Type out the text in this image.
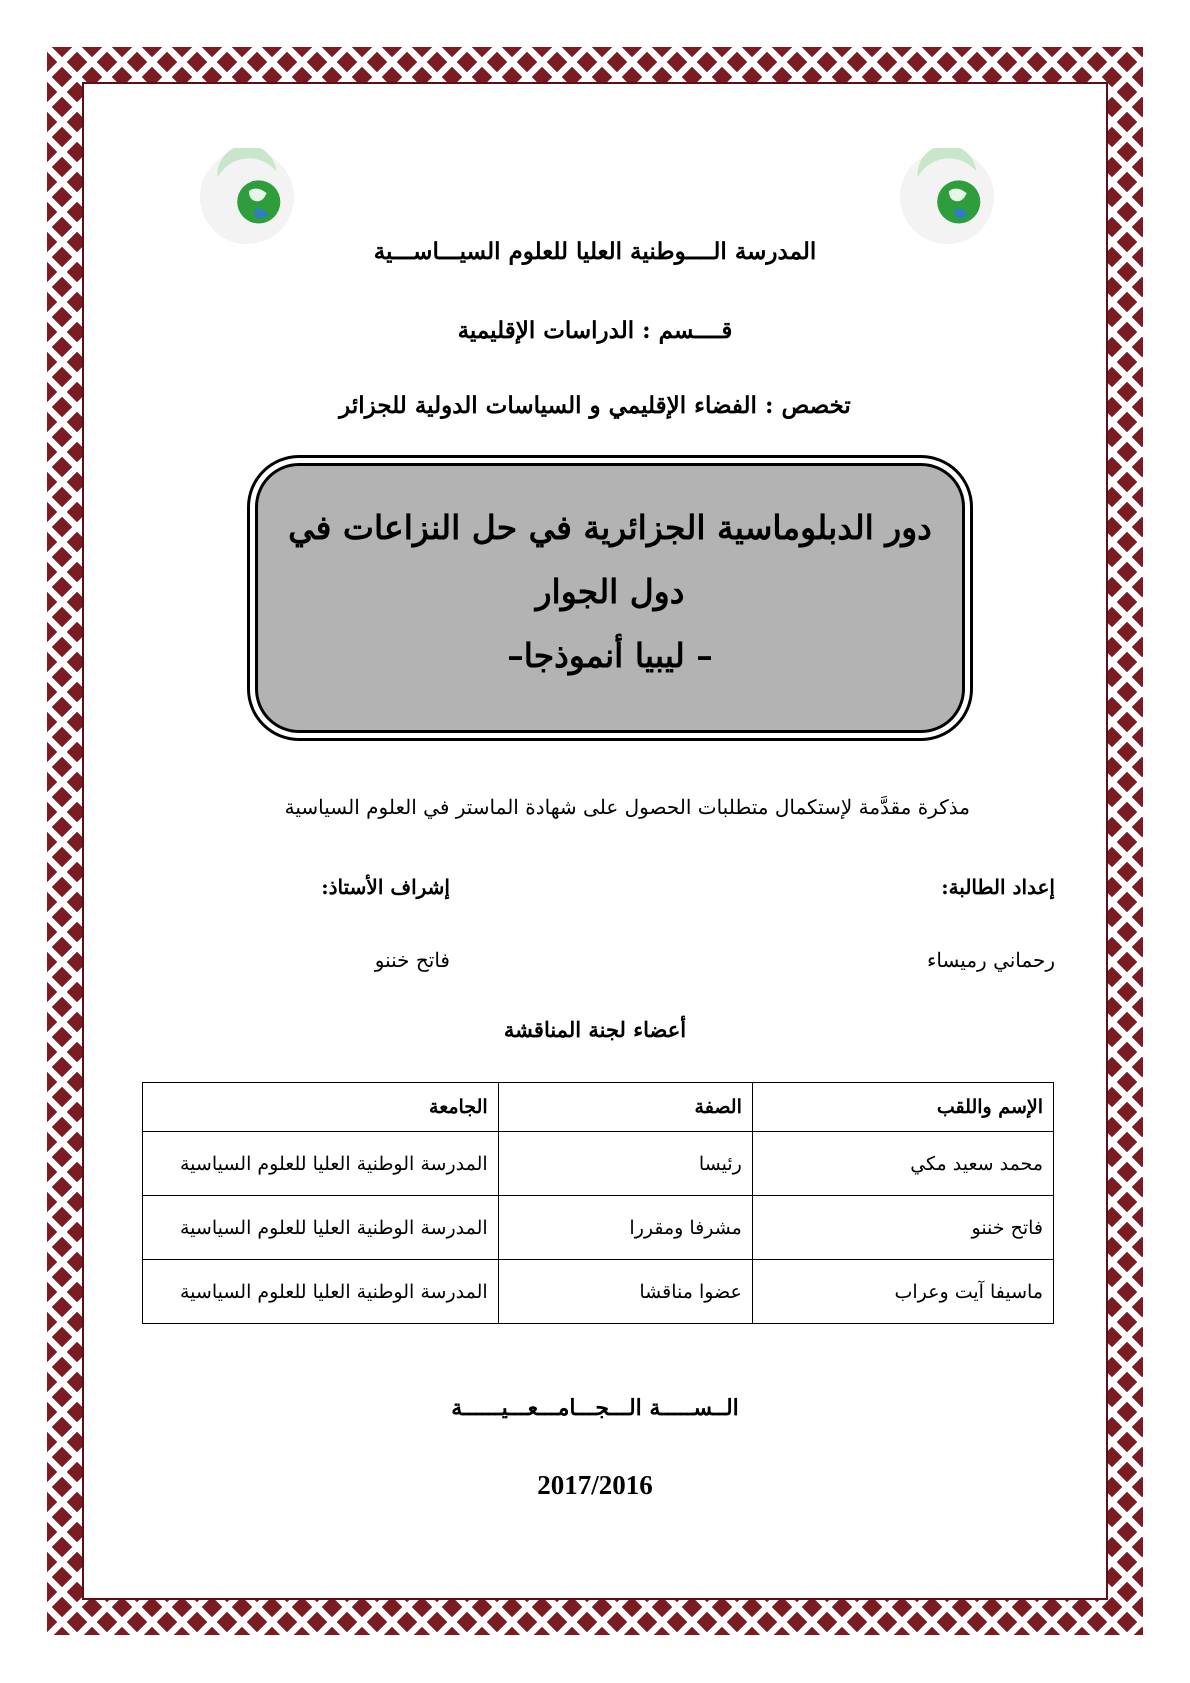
المدرسة الــــوطنية العليا للعلوم السيـــاســـية
قــــسم : الدراسات الإقليمية
تخصص : الفضاء الإقليمي و السياسات الدولية للجزائر
دور الدبلوماسية الجزائرية في حل النزاعات في
دول الجوار
– ليبيا أنموذجا–
مذكرة مقدَّمة لإستكمال متطلبات الحصول على شهادة الماستر في العلوم السياسية
إعداد الطالبة:
إشراف الأستاذ:
رحماني رميساء
فاتح خننو
أعضاء لجنة المناقشة
الإسم واللقب	الصفة	الجامعة
محمد سعيد مكي	رئيسا	المدرسة الوطنية العليا للعلوم السياسية
فاتح خننو	مشرفا ومقررا	المدرسة الوطنية العليا للعلوم السياسية
ماسيفا آيت وعراب	عضوا مناقشا	المدرسة الوطنية العليا للعلوم السياسية
الــســـــة الـــجـــامـــعـــيــــــة
2017/2016
